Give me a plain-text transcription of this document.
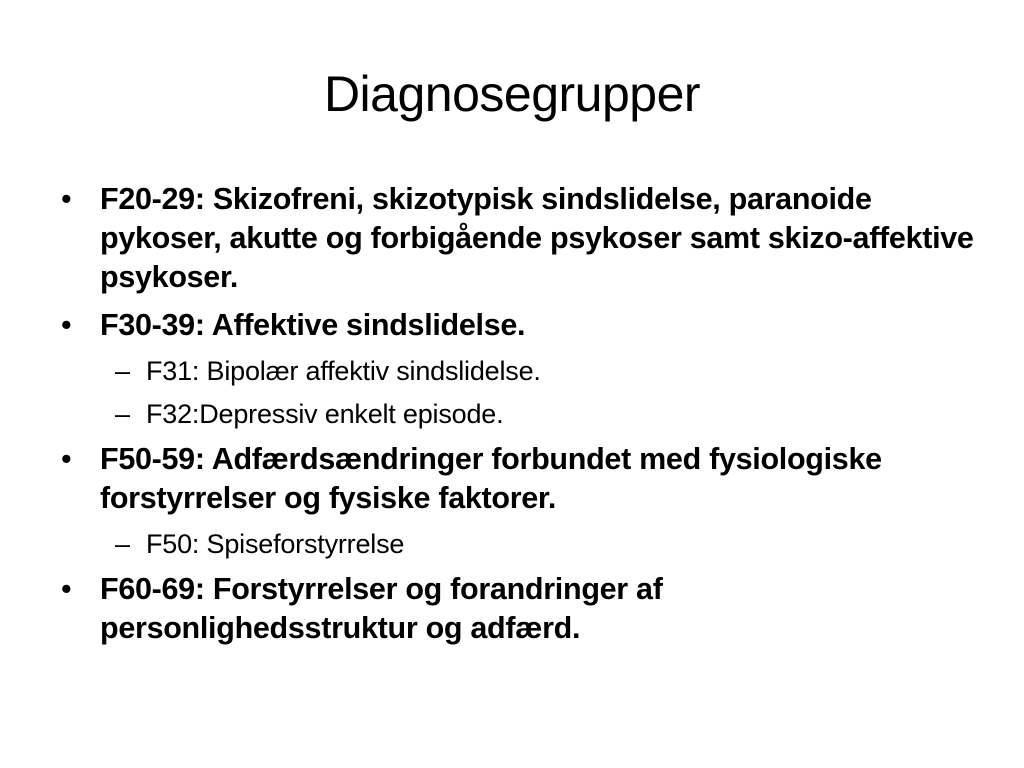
Diagnosegrupper
• F20-29: Skizofreni, skizotypisk sindslidelse, paranoide pykoser, akutte og forbigående psykoser samt skizo-affektive psykoser.
• F30-39: Affektive sindslidelse.
– F31: Bipolær affektiv sindslidelse.
– F32:Depressiv enkelt episode.
• F50-59: Adfærdsændringer forbundet med fysiologiske forstyrrelser og fysiske faktorer.
– F50: Spiseforstyrrelse
• F60-69: Forstyrrelser og forandringer af personlighedsstruktur og adfærd.
